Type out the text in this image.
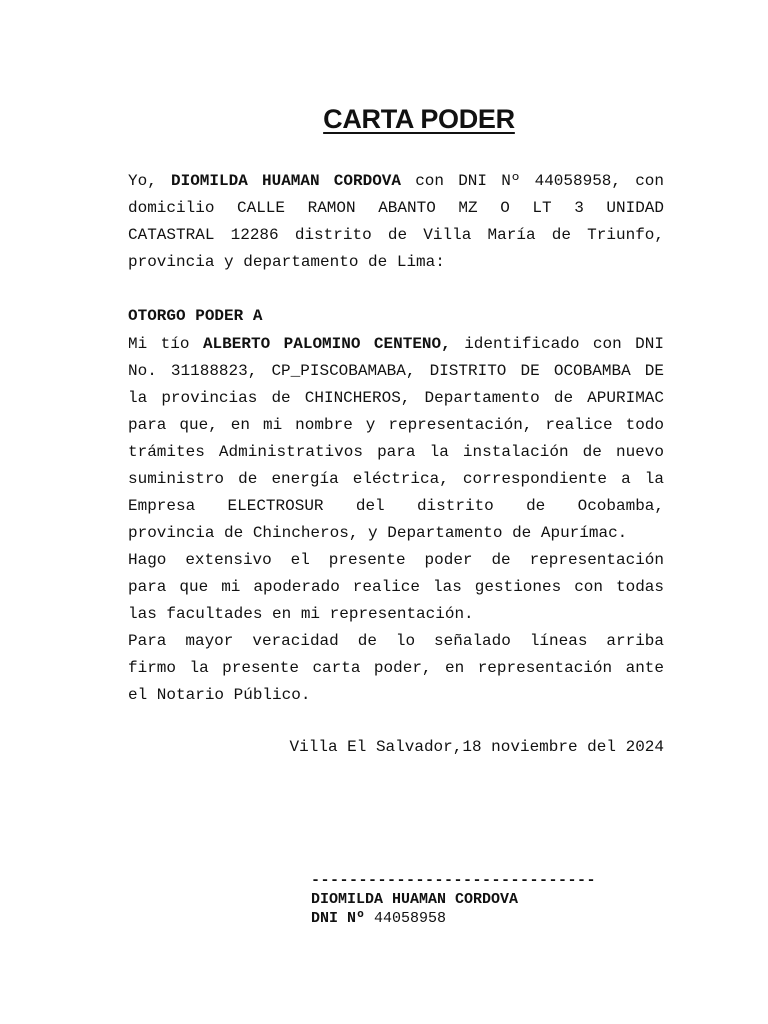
CARTA PODER
Yo, DIOMILDA HUAMAN CORDOVA con DNI Nº 44058958, con
domicilio CALLE RAMON ABANTO MZ O LT 3 UNIDAD
CATASTRAL 12286 distrito de Villa María de Triunfo,
provincia y departamento de Lima:
OTORGO PODER A
Mi tío ALBERTO PALOMINO CENTENO, identificado con DNI
No. 31188823, CP_PISCOBAMABA, DISTRITO DE OCOBAMBA DE
la provincias de CHINCHEROS, Departamento de APURIMAC
para que, en mi nombre y representación, realice todo
trámites Administrativos para la instalación de nuevo
suministro de energía eléctrica, correspondiente a la
Empresa ELECTROSUR del distrito de Ocobamba,
provincia de Chincheros, y Departamento de Apurímac.
Hago extensivo el presente poder de representación
para que mi apoderado realice las gestiones con todas
las facultades en mi representación.
Para mayor veracidad de lo señalado líneas arriba
firmo la presente carta poder, en representación ante
el Notario Público.
Villa El Salvador,18 noviembre del 2024
------------------------------
DIOMILDA HUAMAN CORDOVA
DNI Nº 44058958
